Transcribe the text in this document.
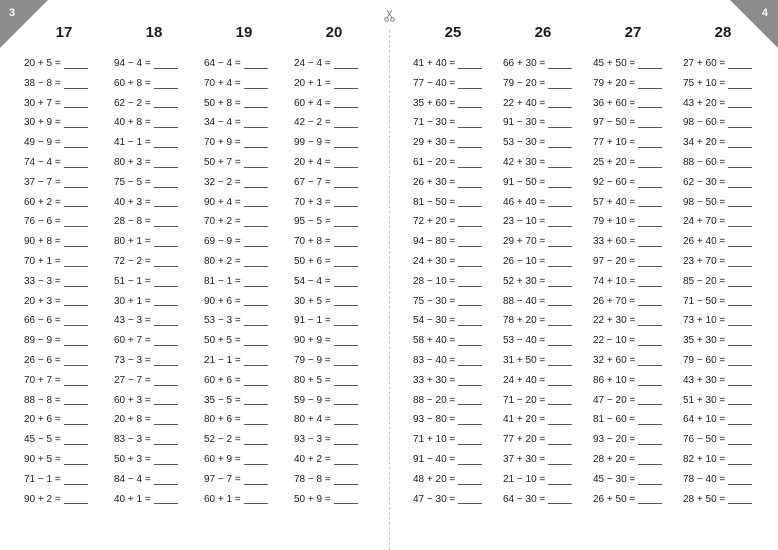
3
17
20 + 5 =
38 − 8 =
30 + 7 =
30 + 9 =
49 − 9 =
74 − 4 =
37 − 7 =
60 + 2 =
76 − 6 =
90 + 8 =
70 + 1 =
33 − 3 =
20 + 3 =
66 − 6 =
89 − 9 =
26 − 6 =
70 + 7 =
88 − 8 =
20 + 6 =
45 − 5 =
90 + 5 =
71 − 1 =
90 + 2 =
18
94 − 4 =
60 + 8 =
62 − 2 =
40 + 8 =
41 − 1 =
80 + 3 =
75 − 5 =
40 + 3 =
28 − 8 =
80 + 1 =
72 − 2 =
51 − 1 =
30 + 1 =
43 − 3 =
60 + 7 =
73 − 3 =
27 − 7 =
60 + 3 =
20 + 8 =
83 − 3 =
50 + 3 =
84 − 4 =
40 + 1 =
19
64 − 4 =
70 + 4 =
50 + 8 =
34 − 4 =
70 + 9 =
50 + 7 =
32 − 2 =
90 + 4 =
70 + 2 =
69 − 9 =
80 + 2 =
81 − 1 =
90 + 6 =
53 − 3 =
50 + 5 =
21 − 1 =
60 + 6 =
35 − 5 =
80 + 6 =
52 − 2 =
60 + 9 =
97 − 7 =
60 + 1 =
20
24 − 4 =
20 + 1 =
60 + 4 =
42 − 2 =
99 − 9 =
20 + 4 =
67 − 7 =
70 + 3 =
95 − 5 =
70 + 8 =
50 + 6 =
54 − 4 =
30 + 5 =
91 − 1 =
90 + 9 =
79 − 9 =
80 + 5 =
59 − 9 =
80 + 4 =
93 − 3 =
40 + 2 =
78 − 8 =
50 + 9 =
4
25
41 + 40 =
77 − 40 =
35 + 60 =
71 − 30 =
29 + 30 =
61 − 20 =
26 + 30 =
81 − 50 =
72 + 20 =
94 − 80 =
24 + 30 =
28 − 10 =
75 − 30 =
54 − 30 =
58 + 40 =
83 − 40 =
33 + 30 =
88 − 20 =
93 − 80 =
71 + 10 =
91 − 40 =
48 + 20 =
47 − 30 =
26
66 + 30 =
79 − 20 =
22 + 40 =
91 − 30 =
53 − 30 =
42 + 30 =
91 − 50 =
46 + 40 =
23 − 10 =
29 + 70 =
26 − 10 =
52 + 30 =
88 − 40 =
78 + 20 =
53 − 40 =
31 + 50 =
24 + 40 =
71 − 20 =
41 + 20 =
77 + 20 =
37 + 30 =
21 − 10 =
64 − 30 =
27
45 + 50 =
79 + 20 =
36 + 60 =
97 − 50 =
77 + 10 =
25 + 20 =
92 − 60 =
57 + 40 =
79 + 10 =
33 + 60 =
97 − 20 =
74 + 10 =
26 + 70 =
22 + 30 =
22 − 10 =
32 + 60 =
86 + 10 =
47 − 20 =
81 − 60 =
93 − 20 =
28 + 20 =
45 − 30 =
26 + 50 =
28
27 + 60 =
75 + 10 =
43 + 20 =
98 − 60 =
34 + 20 =
88 − 60 =
62 − 30 =
98 − 50 =
24 + 70 =
26 + 40 =
23 + 70 =
85 − 20 =
71 − 50 =
73 + 10 =
35 + 30 =
79 − 60 =
43 + 30 =
51 + 30 =
64 + 10 =
76 − 50 =
82 + 10 =
78 − 40 =
28 + 50 =
